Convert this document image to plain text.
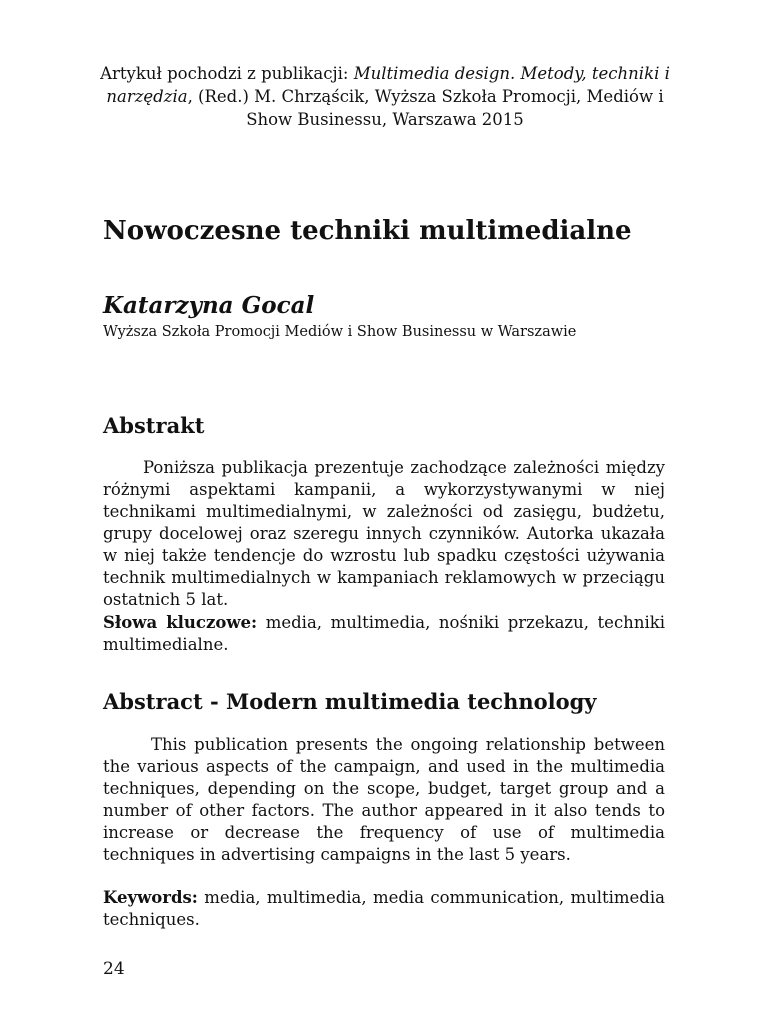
Artykuł pochodzi z publikacji: Multimedia design. Metody, techniki i narzędzia, (Red.) M. Chrząścik, Wyższa Szkoła Promocji, Mediów i Show Businessu, Warszawa 2015
Nowoczesne techniki multimedialne

Katarzyna Gocal

Wyższa Szkoła Promocji Mediów i Show Businessu w Warszawie

Abstrakt

Poniższa publikacja prezentuje zachodzące zależności między różnymi aspektami kampanii, a wykorzystywanymi w niej technikami multimedialnymi, w zależności od zasięgu, budżetu, grupy docelowej oraz szeregu innych czynników. Autorka ukazała w niej także tendencje do wzrostu lub spadku częstości używania technik multimedialnych w kampaniach reklamowych w przeciągu ostatnich 5 lat.

Słowa kluczowe: media, multimedia, nośniki przekazu, techniki multimedialne.

Abstract - Modern multimedia technology

This publication presents the ongoing relationship between the various aspects of the campaign, and used in the multimedia techniques, depending on the scope, budget, target group and a number of other factors. The author appeared in it also tends to increase or decrease the frequency of use of multimedia techniques in advertising campaigns in the last 5 years.

Keywords: media, multimedia, media communication, multimedia techniques.

24
